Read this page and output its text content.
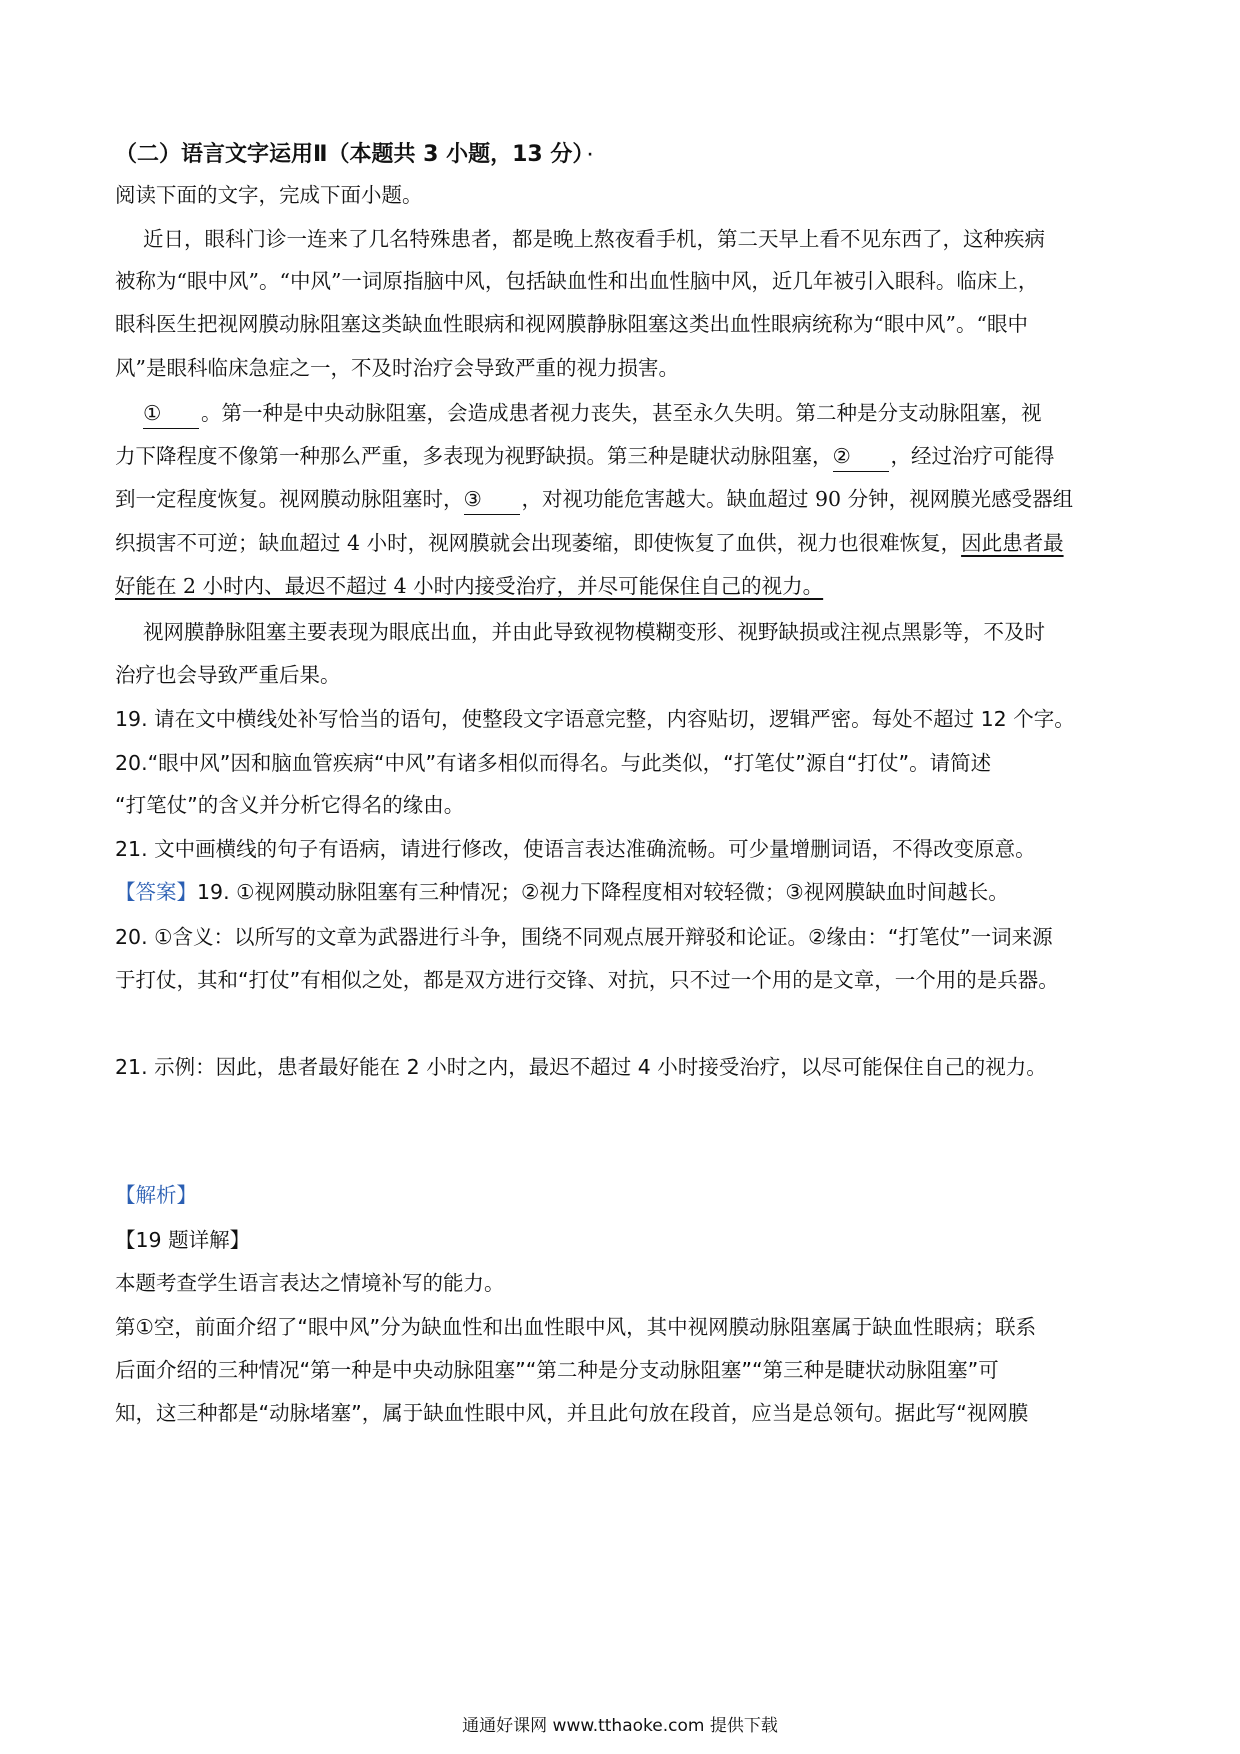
（二）语言文字运用Ⅱ（本题共 3 小题，13 分） ·
阅读下面的文字，完成下面小题。
近日，眼科门诊一连来了几名特殊患者，都是晚上熬夜看手机，第二天早上看不见东西了，这种疾病
被称为“眼中风”。“中风”一词原指脑中风，包括缺血性和出血性脑中风，近几年被引入眼科。临床上，
眼科医生把视网膜动脉阻塞这类缺血性眼病和视网膜静脉阻塞这类出血性眼病统称为“眼中风”。“眼中
风”是眼科临床急症之一，不及时治疗会导致严重的视力损害。
① 。第一种是中央动脉阻塞，会造成患者视力丧失，甚至永久失明。第二种是分支动脉阻塞，视
力下降程度不像第一种那么严重，多表现为视野缺损。第三种是睫状动脉阻塞，② ，经过治疗可能得
到一定程度恢复。视网膜动脉阻塞时，③ ，对视功能危害越大。缺血超过 90 分钟，视网膜光感受器组
织损害不可逆；缺血超过 4 小时，视网膜就会出现萎缩，即使恢复了血供，视力也很难恢复，因此患者最
好能在 2 小时内、最迟不超过 4 小时内接受治疗，并尽可能保住自己的视力。
视网膜静脉阻塞主要表现为眼底出血，并由此导致视物模糊变形、视野缺损或注视点黑影等，不及时
治疗也会导致严重后果。
19. 请在文中横线处补写恰当的语句，使整段文字语意完整，内容贴切，逻辑严密。每处不超过 12 个字。
20.“眼中风”因和脑血管疾病“中风”有诸多相似而得名。与此类似，“打笔仗”源自“打仗”。请简述
“打笔仗”的含义并分析它得名的缘由。
21. 文中画横线的句子有语病，请进行修改，使语言表达准确流畅。可少量增删词语，不得改变原意。
【答案】19. ①视网膜动脉阻塞有三种情况；②视力下降程度相对较轻微；③视网膜缺血时间越长。
20. ①含义：以所写的文章为武器进行斗争，围绕不同观点展开辩驳和论证。②缘由：“打笔仗”一词来源
于打仗，其和“打仗”有相似之处，都是双方进行交锋、对抗，只不过一个用的是文章，一个用的是兵器。
21. 示例：因此，患者最好能在 2 小时之内，最迟不超过 4 小时接受治疗，以尽可能保住自己的视力。
【解析】
【19 题详解】
本题考查学生语言表达之情境补写的能力。
第①空，前面介绍了“眼中风”分为缺血性和出血性眼中风，其中视网膜动脉阻塞属于缺血性眼病；联系
后面介绍的三种情况“第一种是中央动脉阻塞”“第二种是分支动脉阻塞”“第三种是睫状动脉阻塞”可
知，这三种都是“动脉堵塞”，属于缺血性眼中风，并且此句放在段首，应当是总领句。据此写“视网膜
通通好课网 www.tthaoke.com 提供下载
